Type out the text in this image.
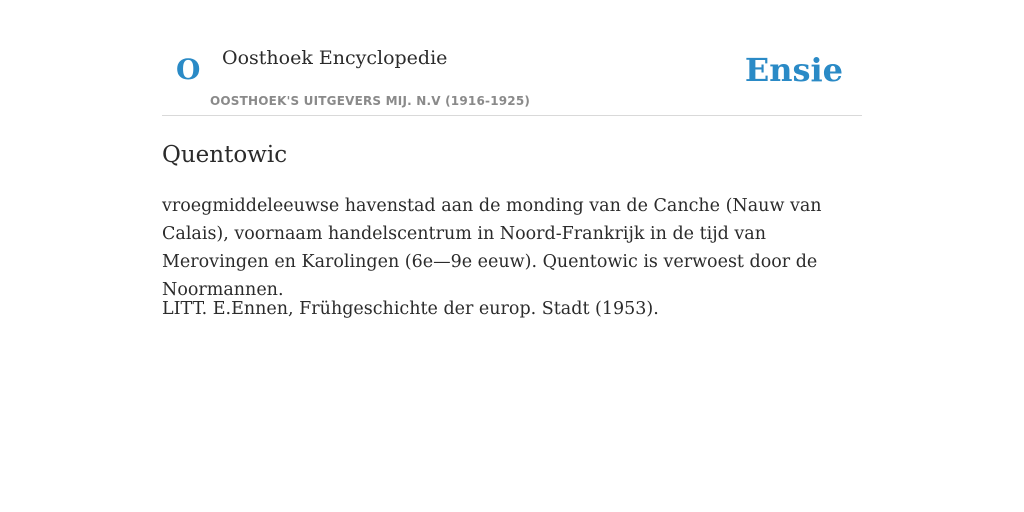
O Oosthoek Encyclopedie
OOSTHOEK'S UITGEVERS MIJ. N.V (1916-1925)
Ensie
Quentowic

vroegmiddeleeuwse havenstad aan de monding van de Canche (Nauw van Calais), voornaam handelscentrum in Noord-Frankrijk in de tijd van Merovingen en Karolingen (6e—9e eeuw). Quentowic is verwoest door de Noormannen.

LITT. E.Ennen, Frühgeschichte der europ. Stadt (1953).
